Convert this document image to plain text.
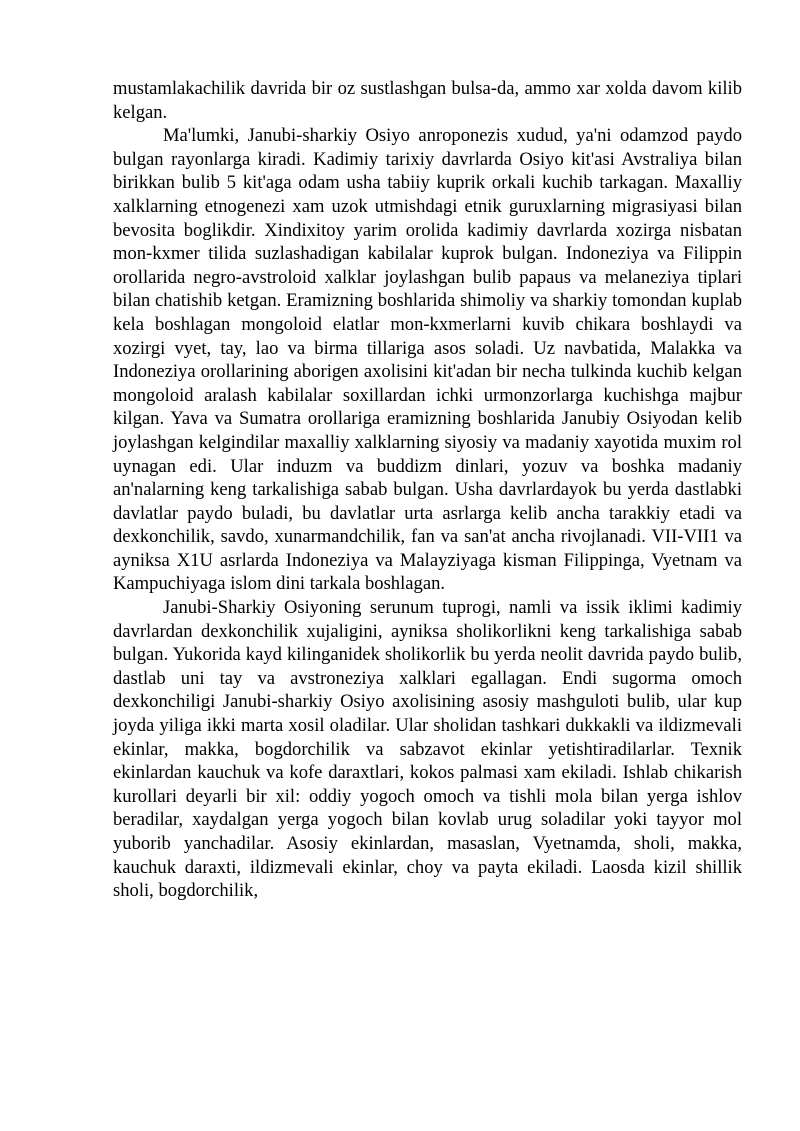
mustamlakachilik davrida bir oz sustlashgan bulsa-da, ammo xar xolda davom kilib kelgan.

Ma'lumki, Janubi-sharkiy Osiyo anroponezis xudud, ya'ni odamzod paydo bulgan rayonlarga kiradi. Kadimiy tarixiy davrlarda Osiyo kit'asi Avstraliya bilan birikkan bulib 5 kit'aga odam usha tabiiy kuprik orkali kuchib tarkagan. Maxalliy xalklarning etnogenezi xam uzok utmishdagi etnik guruxlarning migrasiyasi bilan bevosita boglikdir. Xindixitoy yarim orolida kadimiy davrlarda xozirga nisbatan mon-kxmer tilida suzlashadigan kabilalar kuprok bulgan. Indoneziya va Filippin orollarida negro-avstroloid xalklar joylashgan bulib papaus va melaneziya tiplari bilan chatishib ketgan. Eramizning boshlarida shimoliy va sharkiy tomondan kuplab kela boshlagan mongoloid elatlar mon-kxmerlarni kuvib chikara boshlaydi va xozirgi vyet, tay, lao va birma tillariga asos soladi. Uz navbatida, Malakka va Indoneziya orollarining aborigen axolisini kit'adan bir necha tulkinda kuchib kelgan mongoloid aralash kabilalar soxillardan ichki urmonzorlarga kuchishga majbur kilgan. Yava va Sumatra orollariga eramizning boshlarida Janubiy Osiyodan kelib joylashgan kelgindilar maxalliy xalklarning siyosiy va madaniy xayotida muxim rol uynagan edi. Ular induzm va buddizm dinlari, yozuv va boshka madaniy an'nalarning keng tarkalishiga sabab bulgan. Usha davrlardayok bu yerda dastlabki davlatlar paydo buladi, bu davlatlar urta asrlarga kelib ancha tarakkiy etadi va dexkonchilik, savdo, xunarmandchilik, fan va san'at ancha rivojlanadi. VII-VII1 va ayniksa X1U asrlarda Indoneziya va Malayziyaga kisman Filippinga, Vyetnam va Kampuchiyaga islom dini tarkala boshlagan.

Janubi-Sharkiy Osiyoning serunum tuprogi, namli va issik iklimi kadimiy davrlardan dexkonchilik xujaligini, ayniksa sholikorlikni keng tarkalishiga sabab bulgan. Yukorida kayd kilinganidek sholikorlik bu yerda neolit davrida paydo bulib, dastlab uni tay va avstroneziya xalklari egallagan. Endi sugorma omoch dexkonchiligi Janubi-sharkiy Osiyo axolisining asosiy mashguloti bulib, ular kup joyda yiliga ikki marta xosil oladilar. Ular sholidan tashkari dukkakli va ildizmevali ekinlar, makka, bogdorchilik va sabzavot ekinlar yetishtiradilarlar. Texnik ekinlardan kauchuk va kofe daraxtlari, kokos palmasi xam ekiladi. Ishlab chikarish kurollari deyarli bir xil: oddiy yogoch omoch va tishli mola bilan yerga ishlov beradilar, xaydalgan yerga yogoch bilan kovlab urug soladilar yoki tayyor mol yuborib yanchadilar. Asosiy ekinlardan, masaslan, Vyetnamda, sholi, makka, kauchuk daraxti, ildizmevali ekinlar, choy va payta ekiladi. Laosda kizil shillik sholi, bogdorchilik,
